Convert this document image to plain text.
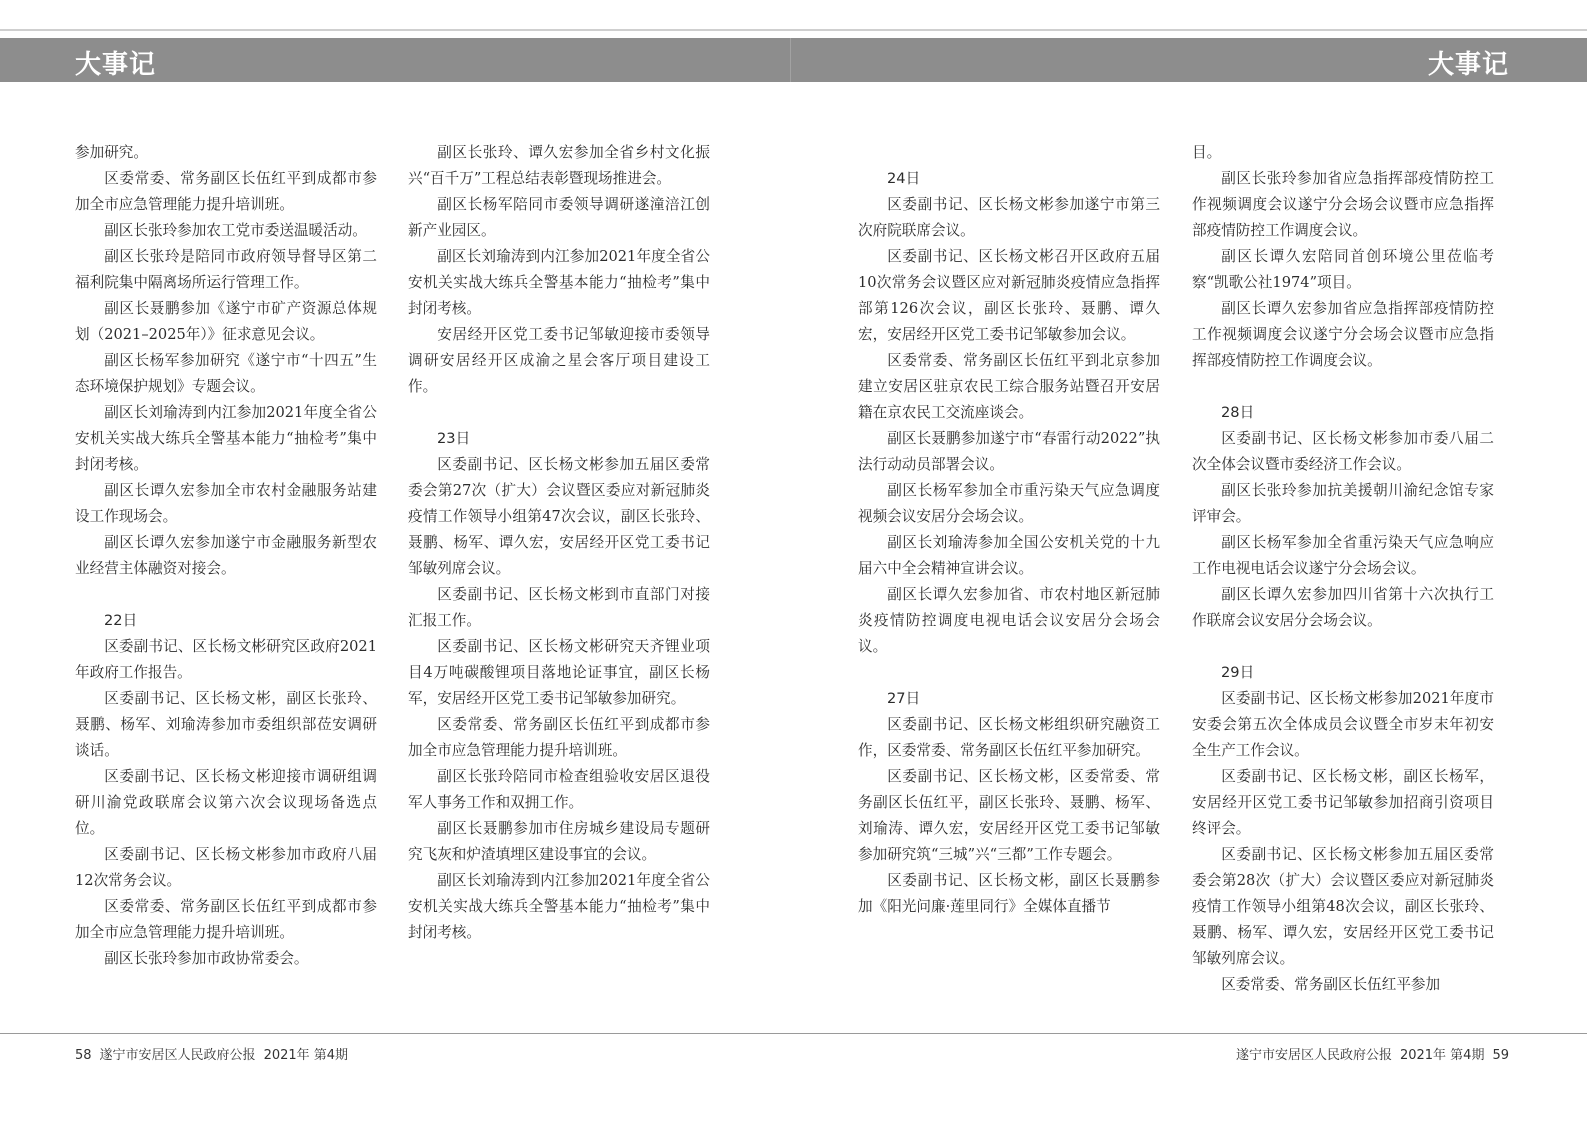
大事记	大事记

参加研究。

区委常委、常务副区长伍红平到成都市参加全市应急管理能力提升培训班。

副区长张玲参加农工党市委送温暖活动。

副区长张玲是陪同市政府领导督导区第二福利院集中隔离场所运行管理工作。

副区长聂鹏参加《遂宁市矿产资源总体规划（2021–2025年）》征求意见会议。

副区长杨军参加研究《遂宁市“十四五”生态环境保护规划》专题会议。

副区长刘瑜涛到内江参加2021年度全省公安机关实战大练兵全警基本能力“抽检考”集中封闭考核。

副区长谭久宏参加全市农村金融服务站建设工作现场会。

副区长谭久宏参加遂宁市金融服务新型农业经营主体融资对接会。

22日

区委副书记、区长杨文彬研究区政府2021年政府工作报告。

区委副书记、区长杨文彬，副区长张玲、聂鹏、杨军、刘瑜涛参加市委组织部莅安调研谈话。

区委副书记、区长杨文彬迎接市调研组调研川渝党政联席会议第六次会议现场备选点位。

区委副书记、区长杨文彬参加市政府八届12次常务会议。

区委常委、常务副区长伍红平到成都市参加全市应急管理能力提升培训班。

副区长张玲参加市政协常委会。

副区长张玲、谭久宏参加全省乡村文化振兴“百千万”工程总结表彰暨现场推进会。

副区长杨军陪同市委领导调研遂潼涪江创新产业园区。

副区长刘瑜涛到内江参加2021年度全省公安机关实战大练兵全警基本能力“抽检考”集中封闭考核。

安居经开区党工委书记邹敏迎接市委领导调研安居经开区成渝之星会客厅项目建设工作。

23日

区委副书记、区长杨文彬参加五届区委常委会第27次（扩大）会议暨区委应对新冠肺炎疫情工作领导小组第47次会议，副区长张玲、聂鹏、杨军、谭久宏，安居经开区党工委书记邹敏列席会议。

区委副书记、区长杨文彬到市直部门对接汇报工作。

区委副书记、区长杨文彬研究天齐锂业项目4万吨碳酸锂项目落地论证事宜，副区长杨军，安居经开区党工委书记邹敏参加研究。

区委常委、常务副区长伍红平到成都市参加全市应急管理能力提升培训班。

副区长张玲陪同市检查组验收安居区退役军人事务工作和双拥工作。

副区长聂鹏参加市住房城乡建设局专题研究飞灰和炉渣填埋区建设事宜的会议。

副区长刘瑜涛到内江参加2021年度全省公安机关实战大练兵全警基本能力“抽检考”集中封闭考核。

24日

区委副书记、区长杨文彬参加遂宁市第三次府院联席会议。

区委副书记、区长杨文彬召开区政府五届10次常务会议暨区应对新冠肺炎疫情应急指挥部第126次会议，副区长张玲、聂鹏、谭久宏，安居经开区党工委书记邹敏参加会议。

区委常委、常务副区长伍红平到北京参加建立安居区驻京农民工综合服务站暨召开安居籍在京农民工交流座谈会。

副区长聂鹏参加遂宁市“春雷行动2022”执法行动动员部署会议。

副区长杨军参加全市重污染天气应急调度视频会议安居分会场会议。

副区长刘瑜涛参加全国公安机关党的十九届六中全会精神宣讲会议。

副区长谭久宏参加省、市农村地区新冠肺炎疫情防控调度电视电话会议安居分会场会议。

27日

区委副书记、区长杨文彬组织研究融资工作，区委常委、常务副区长伍红平参加研究。

区委副书记、区长杨文彬，区委常委、常务副区长伍红平，副区长张玲、聂鹏、杨军、刘瑜涛、谭久宏，安居经开区党工委书记邹敏参加研究筑“三城”兴“三都”工作专题会。

区委副书记、区长杨文彬，副区长聂鹏参加《阳光问廉·莲里同行》全媒体直播节

目。

副区长张玲参加省应急指挥部疫情防控工作视频调度会议遂宁分会场会议暨市应急指挥部疫情防控工作调度会议。

副区长谭久宏陪同首创环境公里莅临考察“凯歌公社1974”项目。

副区长谭久宏参加省应急指挥部疫情防控工作视频调度会议遂宁分会场会议暨市应急指挥部疫情防控工作调度会议。

28日

区委副书记、区长杨文彬参加市委八届二次全体会议暨市委经济工作会议。

副区长张玲参加抗美援朝川渝纪念馆专家评审会。

副区长杨军参加全省重污染天气应急响应工作电视电话会议遂宁分会场会议。

副区长谭久宏参加四川省第十六次执行工作联席会议安居分会场会议。

29日

区委副书记、区长杨文彬参加2021年度市安委会第五次全体成员会议暨全市岁末年初安全生产工作会议。

区委副书记、区长杨文彬，副区长杨军，安居经开区党工委书记邹敏参加招商引资项目终评会。

区委副书记、区长杨文彬参加五届区委常委会第28次（扩大）会议暨区委应对新冠肺炎疫情工作领导小组第48次会议，副区长张玲、聂鹏、杨军、谭久宏，安居经开区党工委书记邹敏列席会议。

区委常委、常务副区长伍红平参加

58 遂宁市安居区人民政府公报 2021年 第4期	遂宁市安居区人民政府公报 2021年 第4期 59
